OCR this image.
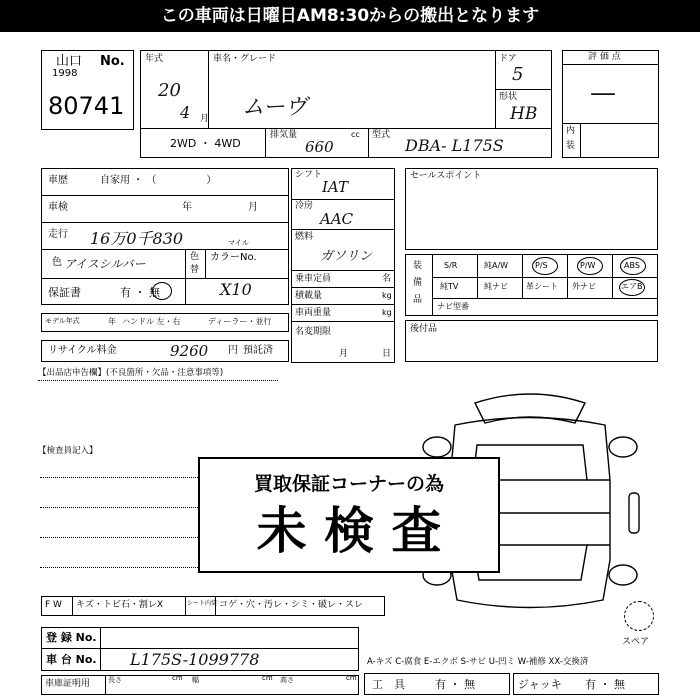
この車両は日曜日AM8:30からの搬出となります
山口 No.
1998
80741
年式
20
4 月
車名・グレード
ムーヴ
ドア
5
形状
HB
2WD ・ 4WD
排気量
660
cc 型式
DBA- L175S
評 価 点
—
内
装
車歴	自家用 ・ （　　　　　）
車検	年	月
走行 16万0千830	マイル
色 アイスシルバー	色
替
カラーNo.
X10
保証書	有 ・ 無
シフト
IAT
冷房
AAC
燃料
ガソリン
乗車定員	名
積載量	kg
車両重量	kg
名変期限
月	日
モデル年式	年 ハンドル 左・右	ディーラー・並行
リサイクル料金	9260 円 預託済
セールスポイント
装
備
品
S/R	純A/W	P/S	P/W	ABS
純TV	純ナビ 革シート 外ナビ	エアB
ナビ型番
後付品
【出品店申告欄】(不良箇所・欠品・注意事項等)
【検査員記入】
スペア
買取保証コーナーの為
未 検 査
F W キズ・トビ石・割レX	シート内装 コゲ・穴・汚レ・シミ・破レ・スレ
登 録 No.
車 台 No. L175S-1099778
車庫証明用	長さ	cm 幅	cm 高さ	cm
A-キズ C-腐食 E-エクボ S-サビ U-凹ミ W-補修 XX-交換済
工　具	有 ・ 無	ジャッキ 有 ・ 無
